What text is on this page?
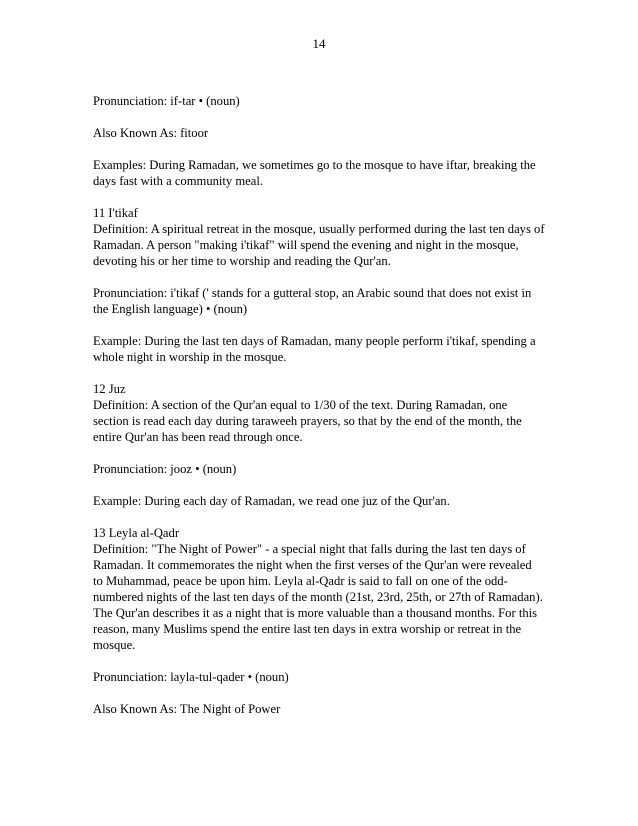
14

Pronunciation: if-tar • (noun)

Also Known As: fitoor

Examples: During Ramadan, we sometimes go to the mosque to have iftar, breaking the
days fast with a community meal.

11 I'tikaf
Definition: A spiritual retreat in the mosque, usually performed during the last ten days of
Ramadan. A person "making i'tikaf" will spend the evening and night in the mosque,
devoting his or her time to worship and reading the Qur'an.

Pronunciation: i'tikaf (' stands for a gutteral stop, an Arabic sound that does not exist in
the English language) • (noun)

Example: During the last ten days of Ramadan, many people perform i'tikaf, spending a
whole night in worship in the mosque.

12 Juz
Definition: A section of the Qur'an equal to 1/30 of the text. During Ramadan, one
section is read each day during taraweeh prayers, so that by the end of the month, the
entire Qur'an has been read through once.

Pronunciation: jooz • (noun)

Example: During each day of Ramadan, we read one juz of the Qur'an.

13 Leyla al-Qadr
Definition: "The Night of Power" - a special night that falls during the last ten days of
Ramadan. It commemorates the night when the first verses of the Qur'an were revealed
to Muhammad, peace be upon him. Leyla al-Qadr is said to fall on one of the odd-
numbered nights of the last ten days of the month (21st, 23rd, 25th, or 27th of Ramadan).
The Qur'an describes it as a night that is more valuable than a thousand months. For this
reason, many Muslims spend the entire last ten days in extra worship or retreat in the
mosque.

Pronunciation: layla-tul-qader • (noun)

Also Known As: The Night of Power
